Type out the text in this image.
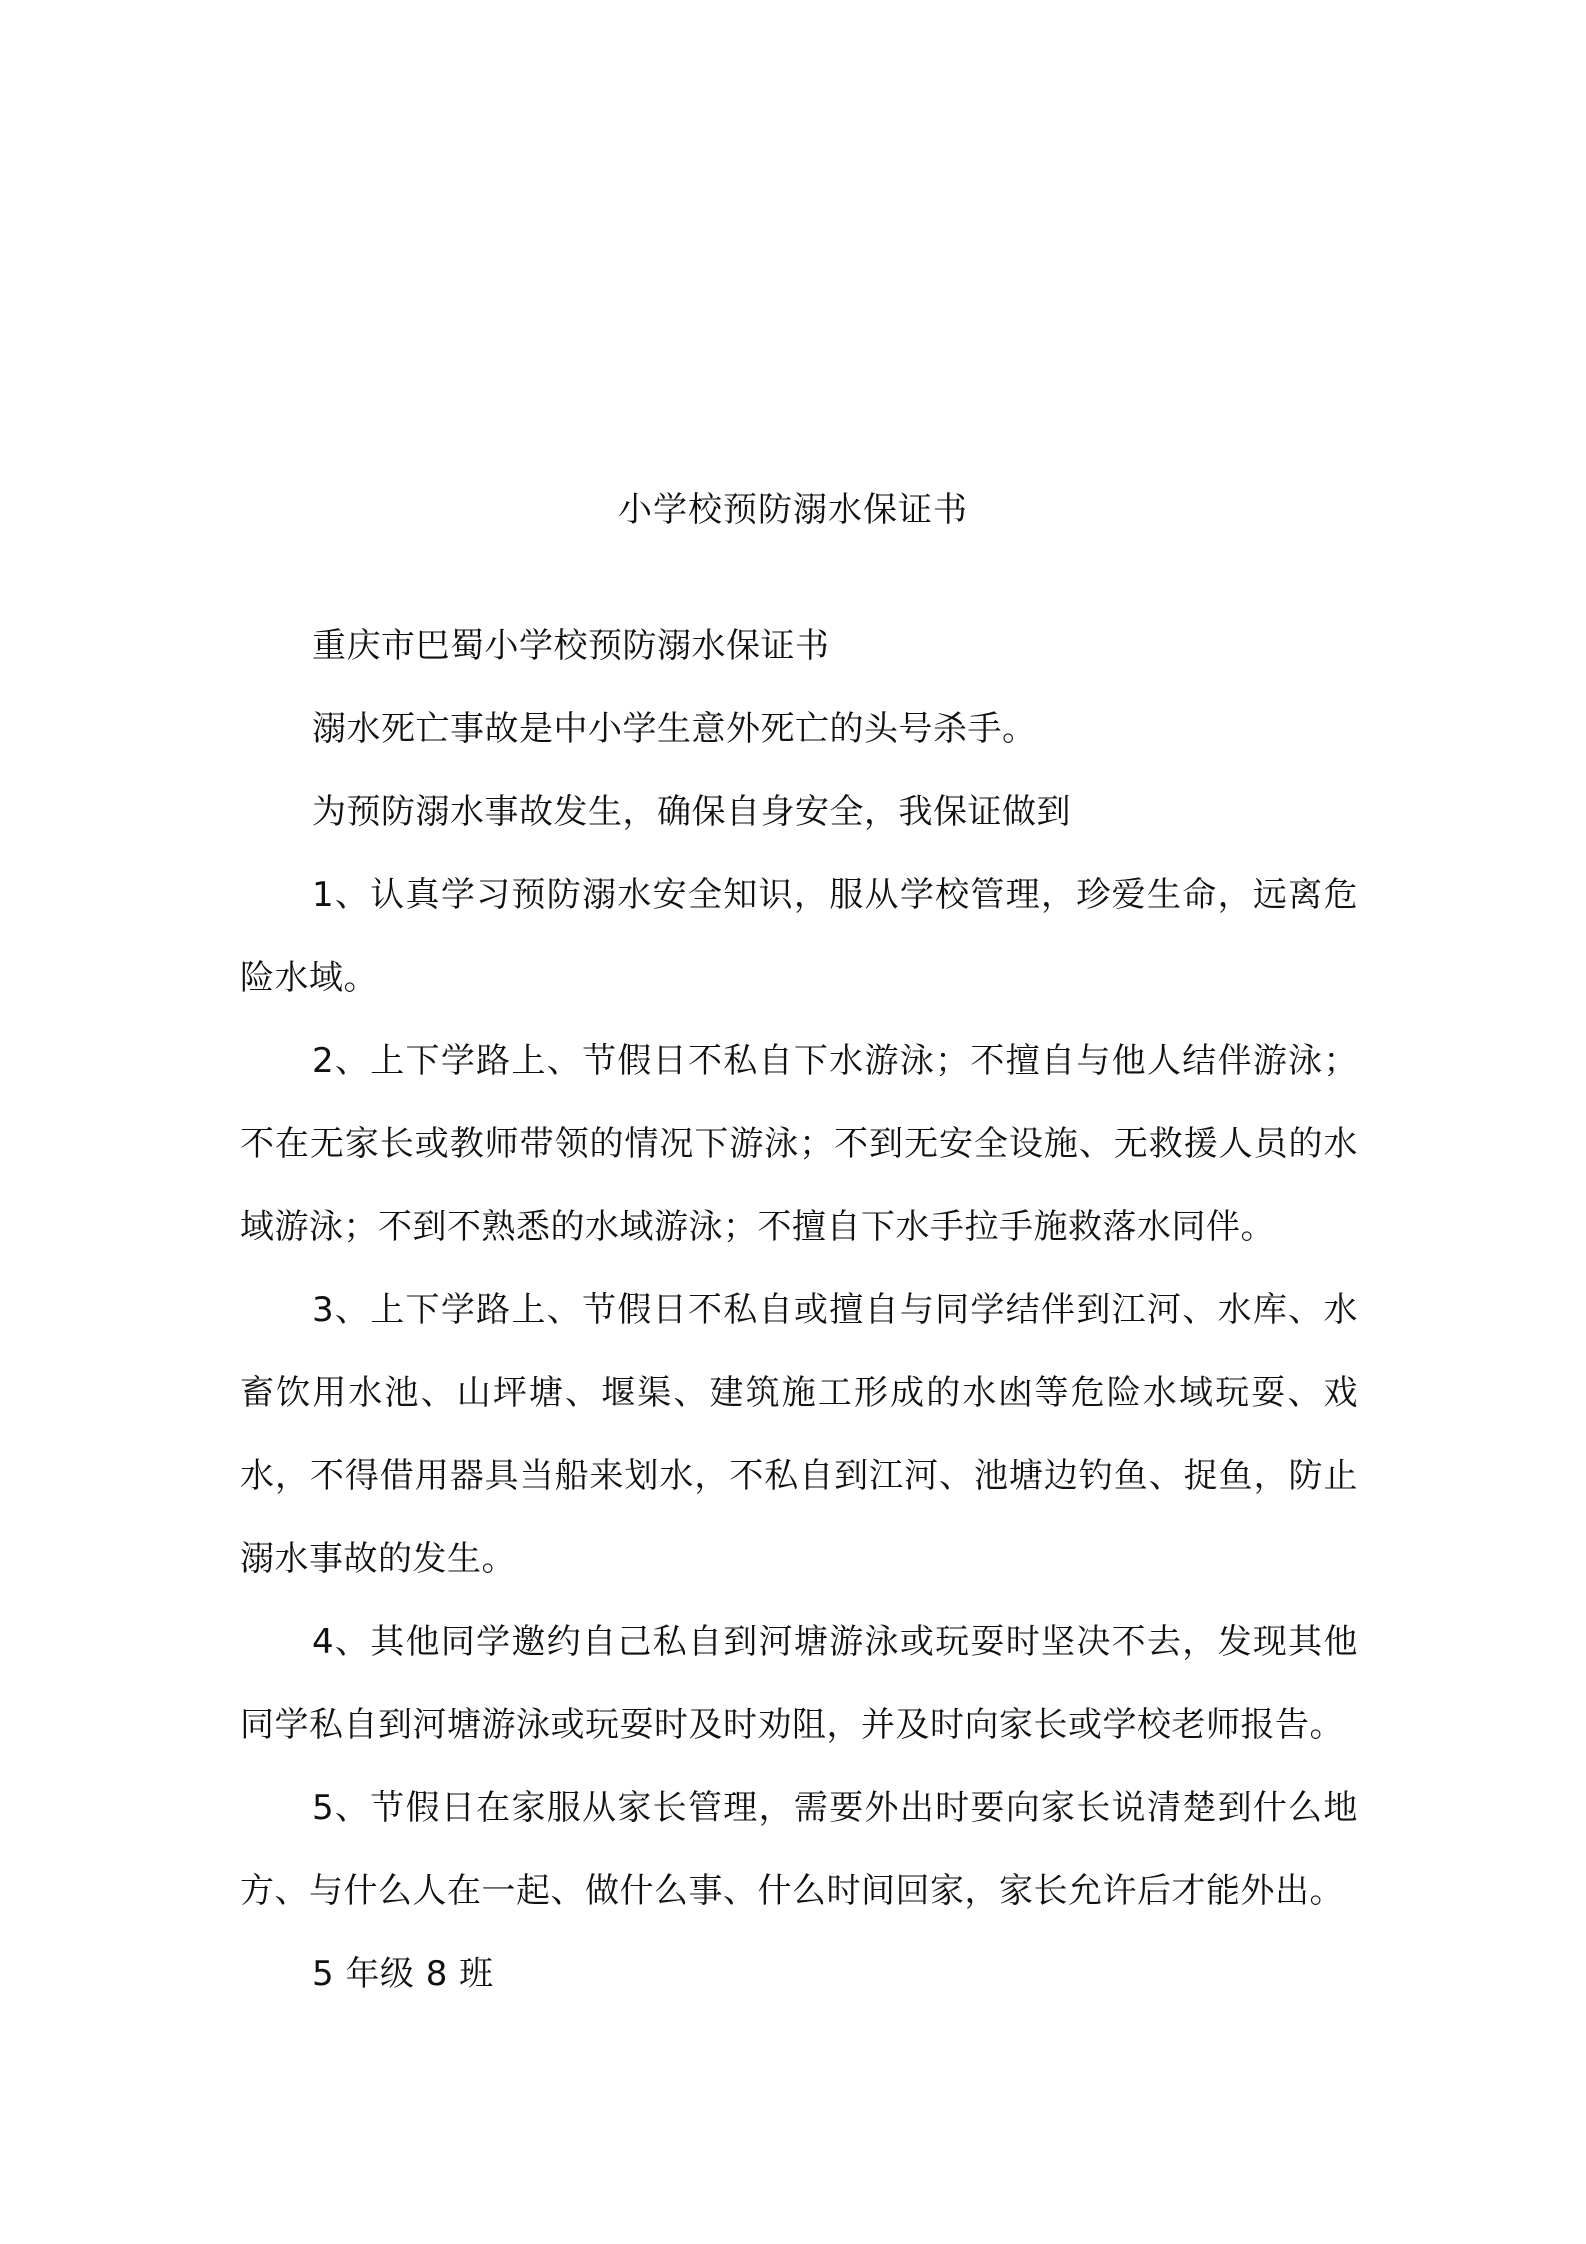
小学校预防溺水保证书

重庆市巴蜀小学校预防溺水保证书

溺水死亡事故是中小学生意外死亡的头号杀手。

为预防溺水事故发生，确保自身安全，我保证做到

1、认真学习预防溺水安全知识，服从学校管理，珍爱生命，远离危险水域。

2、上下学路上、节假日不私自下水游泳；不擅自与他人结伴游泳；不在无家长或教师带领的情况下游泳；不到无安全设施、无救援人员的水域游泳；不到不熟悉的水域游泳；不擅自下水手拉手施救落水同伴。

3、上下学路上、节假日不私自或擅自与同学结伴到江河、水库、水畜饮用水池、山坪塘、堰渠、建筑施工形成的水凼等危险水域玩耍、戏水，不得借用器具当船来划水，不私自到江河、池塘边钓鱼、捉鱼，防止溺水事故的发生。

4、其他同学邀约自己私自到河塘游泳或玩耍时坚决不去，发现其他同学私自到河塘游泳或玩耍时及时劝阻，并及时向家长或学校老师报告。

5、节假日在家服从家长管理，需要外出时要向家长说清楚到什么地方、与什么人在一起、做什么事、什么时间回家，家长允许后才能外出。

5 年级 8 班
